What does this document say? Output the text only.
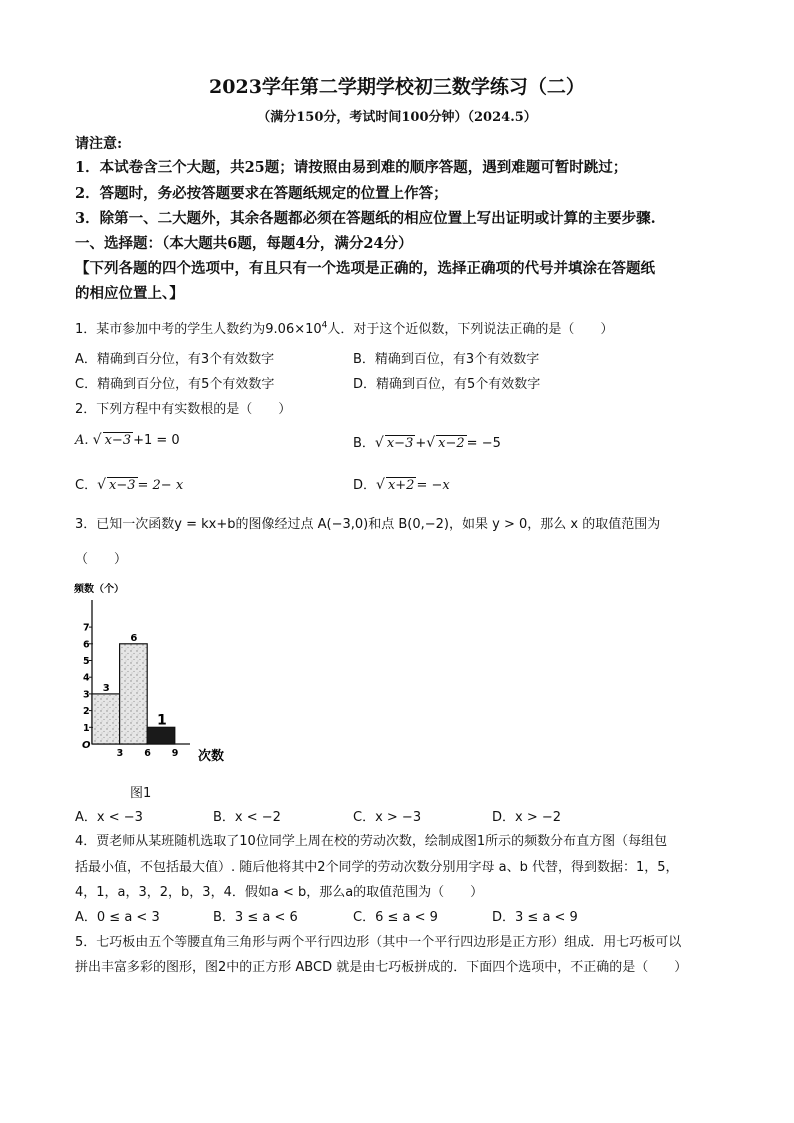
2023学年第二学期学校初三数学练习（二）
（满分150分，考试时间100分钟）（2024.5）
请注意:
1．本试卷含三个大题，共25题；请按照由易到难的顺序答题，遇到难题可暂时跳过；
2．答题时，务必按答题要求在答题纸规定的位置上作答；
3．除第一、二大题外，其余各题都必须在答题纸的相应位置上写出证明或计算的主要步骤.
一、选择题：（本大题共6题，每题4分，满分24分）
【下列各题的四个选项中，有且只有一个选项是正确的，选择正确项的代号并填涂在答题纸
的相应位置上、】
1．某市参加中考的学生人数约为$9.06\times 10^4$人．对于这个近似数，下列说法正确的是（　　）
A．精确到百分位，有3个有效数字	B．精确到百位，有3个有效数字
C．精确到百分位，有5个有效数字	D．精确到百位，有5个有效数字
2．下列方程中有实数根的是（　　）
A. √ x−3 +1 = 0	B．√ x−3 +√ x−2 = −5
C．√ x−3 = 2− x	D．√ x+2 = −x
3．已知一次函数y = kx+b的图像经过点 A(−3,0)和点 B(0,−2)，如果 y > 0，那么 x 的取值范围为
（　　）
频数（个）
3
6
1
1
2
3
4
5
6
7
3 6 9
O
次数
图1
A．x < −3	B．x < −2	C．x > −3	D．x > −2
4．贾老师从某班随机选取了10位同学上周在校的劳动次数，绘制成图1所示的频数分布直方图（每组包
括最小值，不包括最大值）. 随后他将其中2个同学的劳动次数分别用字母 a、b 代替，得到数据：1，5，
4，1，a，3，2，b，3，4．假如a < b，那么a的取值范围为（　　）
A．0 ≤ a < 3	B．3 ≤ a < 6	C．6 ≤ a < 9	D．3 ≤ a < 9
5．七巧板由五个等腰直角三角形与两个平行四边形（其中一个平行四边形是正方形）组成．用七巧板可以
拼出丰富多彩的图形，图2中的正方形 ABCD 就是由七巧板拼成的．下面四个选项中，不正确的是（　　）
